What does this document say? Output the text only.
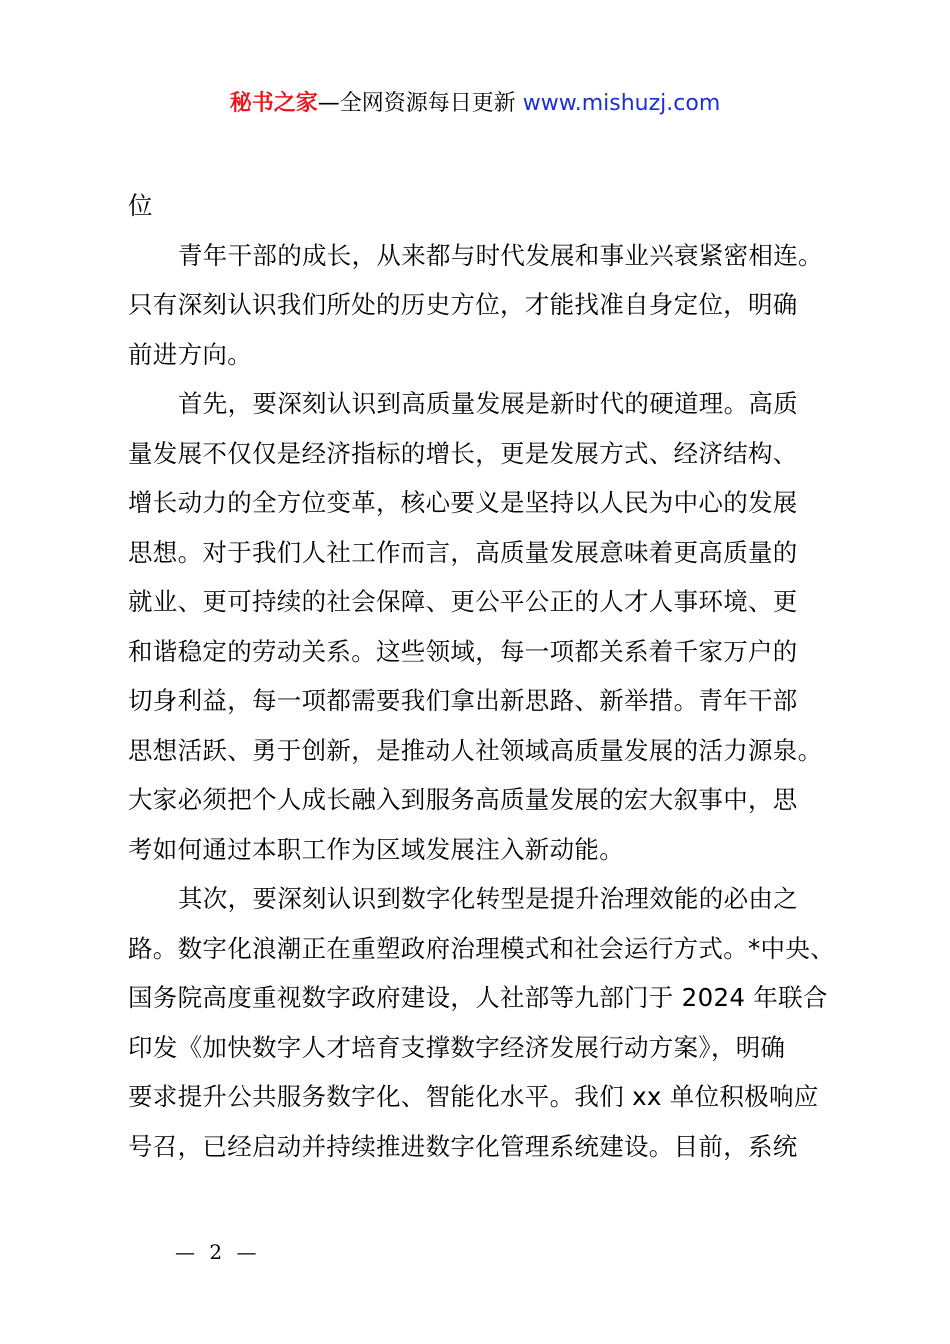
秘书之家—全网资源每日更新 www.mishuzj.com
位
青年干部的成长，从来都与时代发展和事业兴衰紧密相连。
只有深刻认识我们所处的历史方位，才能找准自身定位，明确
前进方向。
首先，要深刻认识到高质量发展是新时代的硬道理。高质
量发展不仅仅是经济指标的增长，更是发展方式、经济结构、
增长动力的全方位变革，核心要义是坚持以人民为中心的发展
思想。对于我们人社工作而言，高质量发展意味着更高质量的
就业、更可持续的社会保障、更公平公正的人才人事环境、更
和谐稳定的劳动关系。这些领域，每一项都关系着千家万户的
切身利益，每一项都需要我们拿出新思路、新举措。青年干部
思想活跃、勇于创新，是推动人社领域高质量发展的活力源泉。
大家必须把个人成长融入到服务高质量发展的宏大叙事中，思
考如何通过本职工作为区域发展注入新动能。
其次，要深刻认识到数字化转型是提升治理效能的必由之
路。数字化浪潮正在重塑政府治理模式和社会运行方式。*中央、
国务院高度重视数字政府建设，人社部等九部门于 2024 年联合
印发《加快数字人才培育支撑数字经济发展行动方案》，明确
要求提升公共服务数字化、智能化水平。我们 xx 单位积极响应
号召，已经启动并持续推进数字化管理系统建设。目前，系统
— 2 —
